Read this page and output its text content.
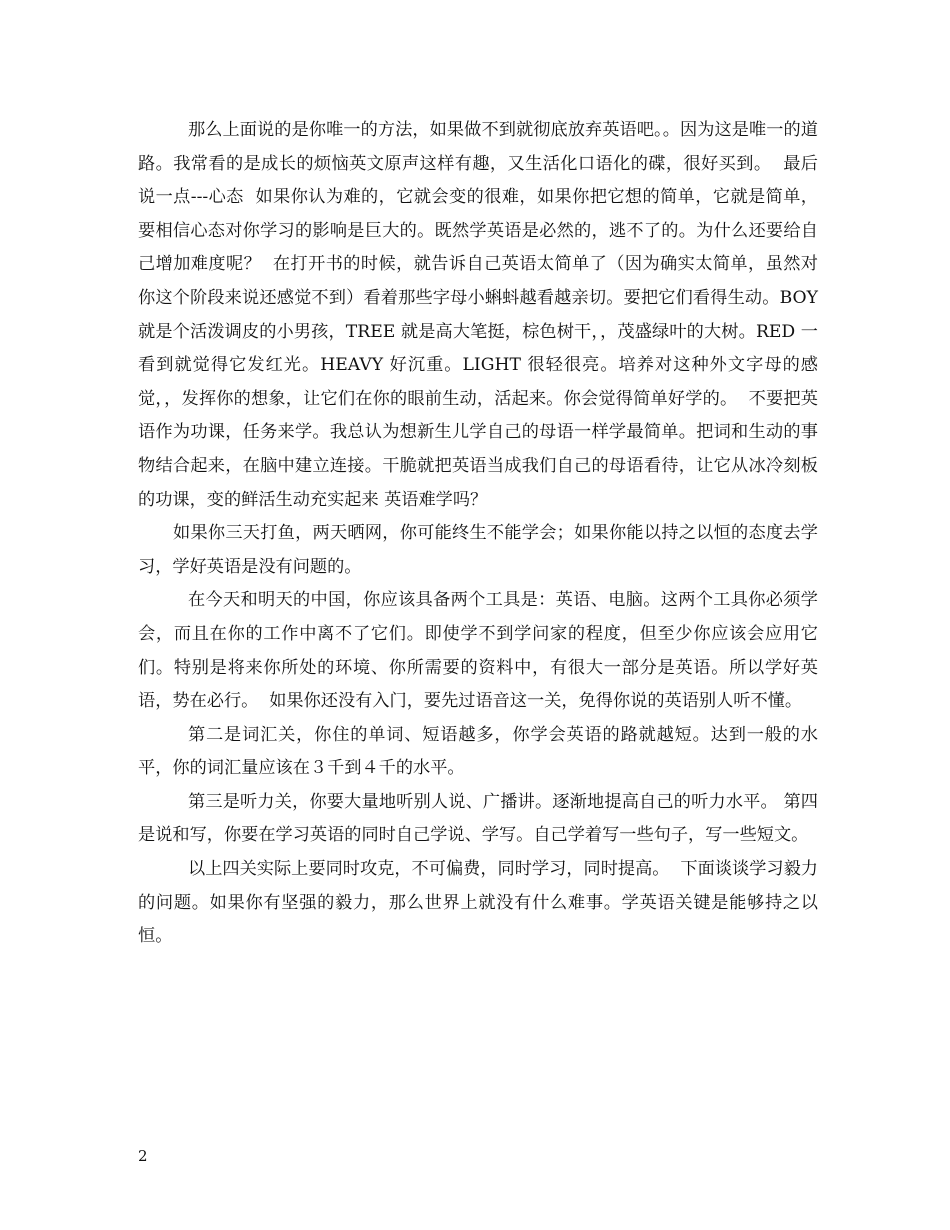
那么上面说的是你唯一的方法，如果做不到就彻底放弃英语吧。。因为这是唯一的道路。我常看的是成长的烦恼英文原声这样有趣，又生活化口语化的碟，很好买到。  最后说一点---心态  如果你认为难的，它就会变的很难，如果你把它想的简单，它就是简单，要相信心态对你学习的影响是巨大的。既然学英语是必然的，逃不了的。为什么还要给自己增加难度呢？  在打开书的时候，就告诉自己英语太简单了（因为确实太简单，虽然对你这个阶段来说还感觉不到）看着那些字母小蝌蚪越看越亲切。要把它们看得生动。BOY 就是个活泼调皮的小男孩，TREE 就是高大笔挺，棕色树干，，茂盛绿叶的大树。RED 一看到就觉得它发红光。HEAVY 好沉重。LIGHT 很轻很亮。培养对这种外文字母的感觉，，发挥你的想象，让它们在你的眼前生动，活起来。你会觉得简单好学的。  不要把英语作为功课，任务来学。我总认为想新生儿学自己的母语一样学最简单。把词和生动的事物结合起来，在脑中建立连接。干脆就把英语当成我们自己的母语看待，让它从冰冷刻板的功课，变的鲜活生动充实起来 英语难学吗？

如果你三天打鱼，两天晒网，你可能终生不能学会；如果你能以持之以恒的态度去学习，学好英语是没有问题的。

在今天和明天的中国，你应该具备两个工具是：英语、电脑。这两个工具你必须学会，而且在你的工作中离不了它们。即使学不到学问家的程度，但至少你应该会应用它们。特别是将来你所处的环境、你所需要的资料中，有很大一部分是英语。所以学好英语，势在必行。  如果你还没有入门，要先过语音这一关，免得你说的英语别人听不懂。

第二是词汇关，你住的单词、短语越多，你学会英语的路就越短。达到一般的水平，你的词汇量应该在３千到４千的水平。

第三是听力关，你要大量地听别人说、广播讲。逐渐地提高自己的听力水平。 第四是说和写，你要在学习英语的同时自己学说、学写。自己学着写一些句子，写一些短文。

以上四关实际上要同时攻克，不可偏费，同时学习，同时提高。  下面谈谈学习毅力的问题。如果你有坚强的毅力，那么世界上就没有什么难事。学英语关键是能够持之以恒。

2
